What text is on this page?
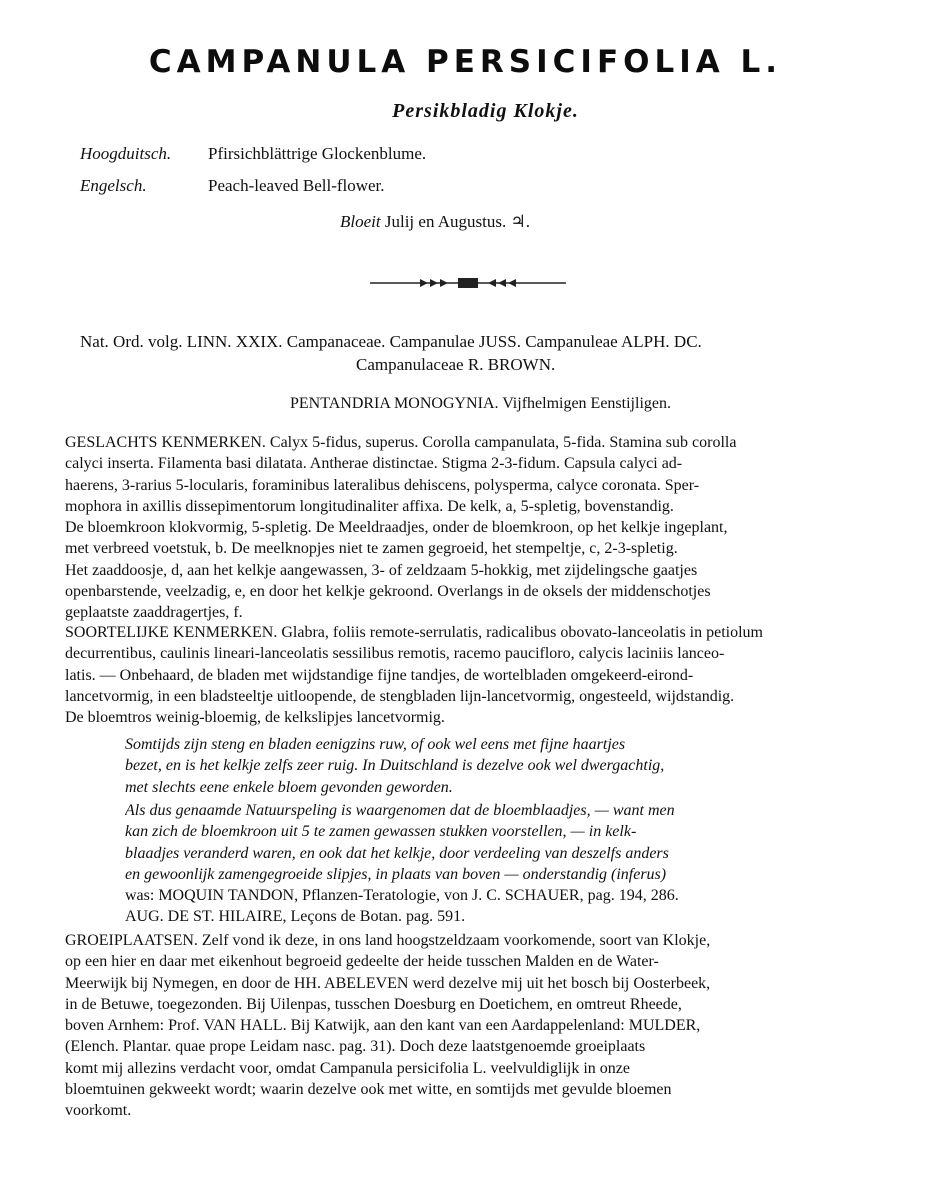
CAMPANULA PERSICIFOLIA L.
Persikbladig Klokje.
Hoogduitsch. Pfirsichblättrige Glockenblume.
Engelsch.	Peach-leaved Bell-flower.
Bloeit Julij en Augustus. ♃.
Nat. Ord. volg. LINN. XXIX. Campanaceae. Campanulae JUSS. Campanuleae ALPH. DC.
Campanulaceae R. BROWN.
PENTANDRIA MONOGYNIA. Vijfhelmigen Eenstijligen.
GESLACHTS KENMERKEN. Calyx 5-fidus, superus. Corolla campanulata, 5-fida. Stamina sub corolla
calyci inserta. Filamenta basi dilatata. Antherae distinctae. Stigma 2-3-fidum. Capsula calyci ad-
haerens, 3-rarius 5-locularis, foraminibus lateralibus dehiscens, polysperma, calyce coronata. Sper-
mophora in axillis dissepimentorum longitudinaliter affixa. De kelk, a, 5-spletig, bovenstandig.
De bloemkroon klokvormig, 5-spletig. De Meeldraadjes, onder de bloemkroon, op het kelkje ingeplant,
met verbreed voetstuk, b. De meelknopjes niet te zamen gegroeid, het stempeltje, c, 2-3-spletig.
Het zaaddoosje, d, aan het kelkje aangewassen, 3- of zeldzaam 5-hokkig, met zijdelingsche gaatjes
openbarstende, veelzadig, e, en door het kelkje gekroond. Overlangs in de oksels der middenschotjes
geplaatste zaaddragertjes, f.
SOORTELIJKE KENMERKEN. Glabra, foliis remote-serrulatis, radicalibus obovato-lanceolatis in petiolum
decurrentibus, caulinis lineari-lanceolatis sessilibus remotis, racemo paucifloro, calycis laciniis lanceo-
latis. — Onbehaard, de bladen met wijdstandige fijne tandjes, de wortelbladen omgekeerd-eirond-
lancetvormig, in een bladsteeltje uitloopende, de stengbladen lijn-lancetvormig, ongesteeld, wijdstandig.
De bloemtros weinig-bloemig, de kelkslipjes lancetvormig.
Somtijds zijn steng en bladen eenigzins ruw, of ook wel eens met fijne haartjes
bezet, en is het kelkje zelfs zeer ruig. In Duitschland is dezelve ook wel dwergachtig,
met slechts eene enkele bloem gevonden geworden.
Als dus genaamde Natuurspeling is waargenomen dat de bloemblaadjes, — want men
kan zich de bloemkroon uit 5 te zamen gewassen stukken voorstellen, — in kelk-
blaadjes veranderd waren, en ook dat het kelkje, door verdeeling van deszelfs anders
en gewoonlijk zamengegroeide slipjes, in plaats van boven — onderstandig (inferus)
was: MOQUIN TANDON, Pflanzen-Teratologie, von J. C. SCHAUER, pag. 194, 286.
AUG. DE ST. HILAIRE, Leçons de Botan. pag. 591.
GROEIPLAATSEN. Zelf vond ik deze, in ons land hoogstzeldzaam voorkomende, soort van Klokje,
op een hier en daar met eikenhout begroeid gedeelte der heide tusschen Malden en de Water-
Meerwijk bij Nymegen, en door de HH. ABELEVEN werd dezelve mij uit het bosch bij Oosterbeek,
in de Betuwe, toegezonden. Bij Uilenpas, tusschen Doesburg en Doetichem, en omtreut Rheede,
boven Arnhem: Prof. VAN HALL. Bij Katwijk, aan den kant van een Aardappelenland: MULDER,
(Elench. Plantar. quae prope Leidam nasc. pag. 31). Doch deze laatstgenoemde groeiplaats
komt mij allezins verdacht voor, omdat Campanula persicifolia L. veelvuldiglijk in onze
bloemtuinen gekweekt wordt; waarin dezelve ook met witte, en somtijds met gevulde bloemen
voorkomt.
